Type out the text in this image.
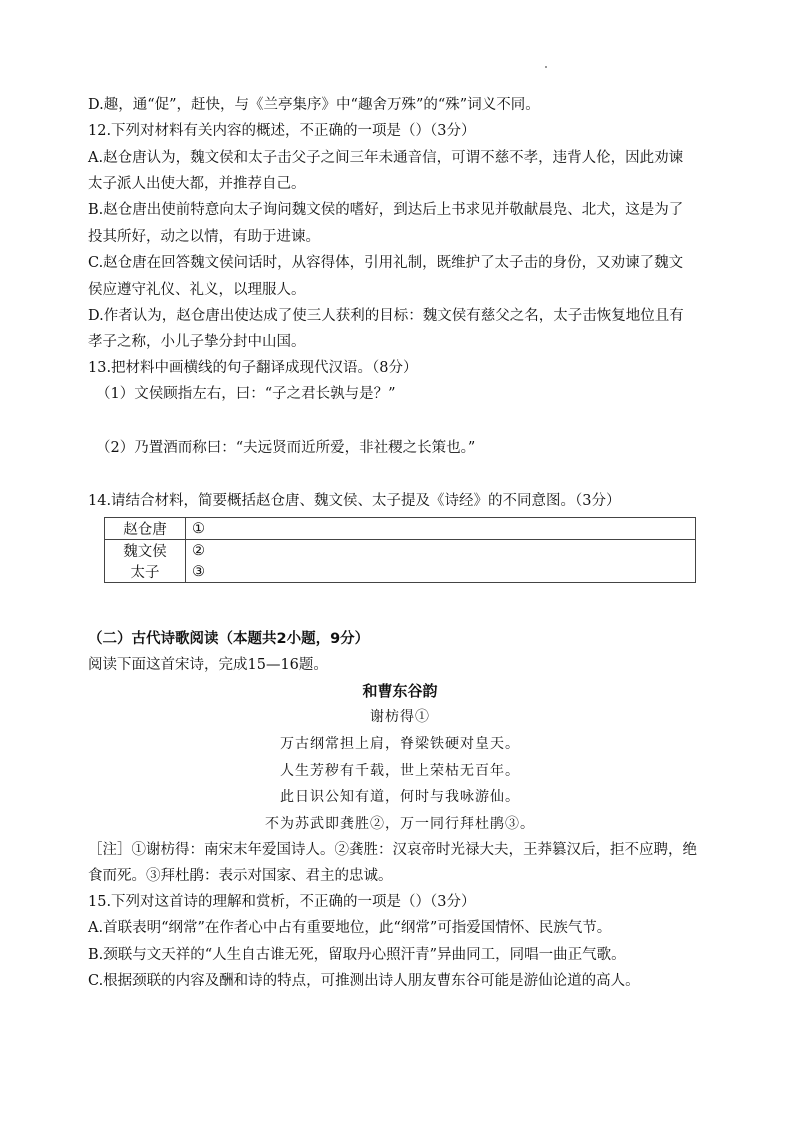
D.趣，通“促”，赶快，与《兰亭集序》中“趣舍万殊”的“殊”词义不同。
12.下列对材料有关内容的概述，不正确的一项是（）（3分）
A.赵仓唐认为，魏文侯和太子击父子之间三年未通音信，可谓不慈不孝，违背人伦，因此劝谏
太子派人出使大都，并推荐自己。
B.赵仓唐出使前特意向太子询问魏文侯的嗜好，到达后上书求见并敬献晨凫、北犬，这是为了
投其所好，动之以情，有助于进谏。
C.赵仓唐在回答魏文侯问话时，从容得体，引用礼制，既维护了太子击的身份，又劝谏了魏文
侯应遵守礼仪、礼义，以理服人。
D.作者认为，赵仓唐出使达成了使三人获利的目标：魏文侯有慈父之名，太子击恢复地位且有
孝子之称，小儿子挚分封中山国。
13.把材料中画横线的句子翻译成现代汉语。（8分）
（1）文侯顾指左右，曰：“子之君长孰与是？”
（2）乃置酒而称曰：“夫远贤而近所爱，非社稷之长策也。”
14.请结合材料，简要概括赵仓唐、魏文侯、太子提及《诗经》的不同意图。（3分）
赵仓唐	①
魏文侯	②
太子	③
（二）古代诗歌阅读（本题共2小题，9分）
阅读下面这首宋诗，完成15—16题。
和曹东谷韵
谢枋得①
万古纲常担上肩，脊梁铁硬对皇天。
人生芳秽有千载，世上荣枯无百年。
此日识公知有道，何时与我咏游仙。
不为苏武即龚胜②，万一同行拜杜鹃③。
［注］①谢枋得：南宋末年爱国诗人。②龚胜：汉哀帝时光禄大夫，王莽篡汉后，拒不应聘，绝
食而死。③拜杜鹃：表示对国家、君主的忠诚。
15.下列对这首诗的理解和赏析，不正确的一项是（）（3分）
A.首联表明“纲常”在作者心中占有重要地位，此“纲常”可指爱国情怀、民族气节。
B.颈联与文天祥的“人生自古谁无死，留取丹心照汗青”异曲同工，同唱一曲正气歌。
C.根据颈联的内容及酬和诗的特点，可推测出诗人朋友曹东谷可能是游仙论道的高人。
